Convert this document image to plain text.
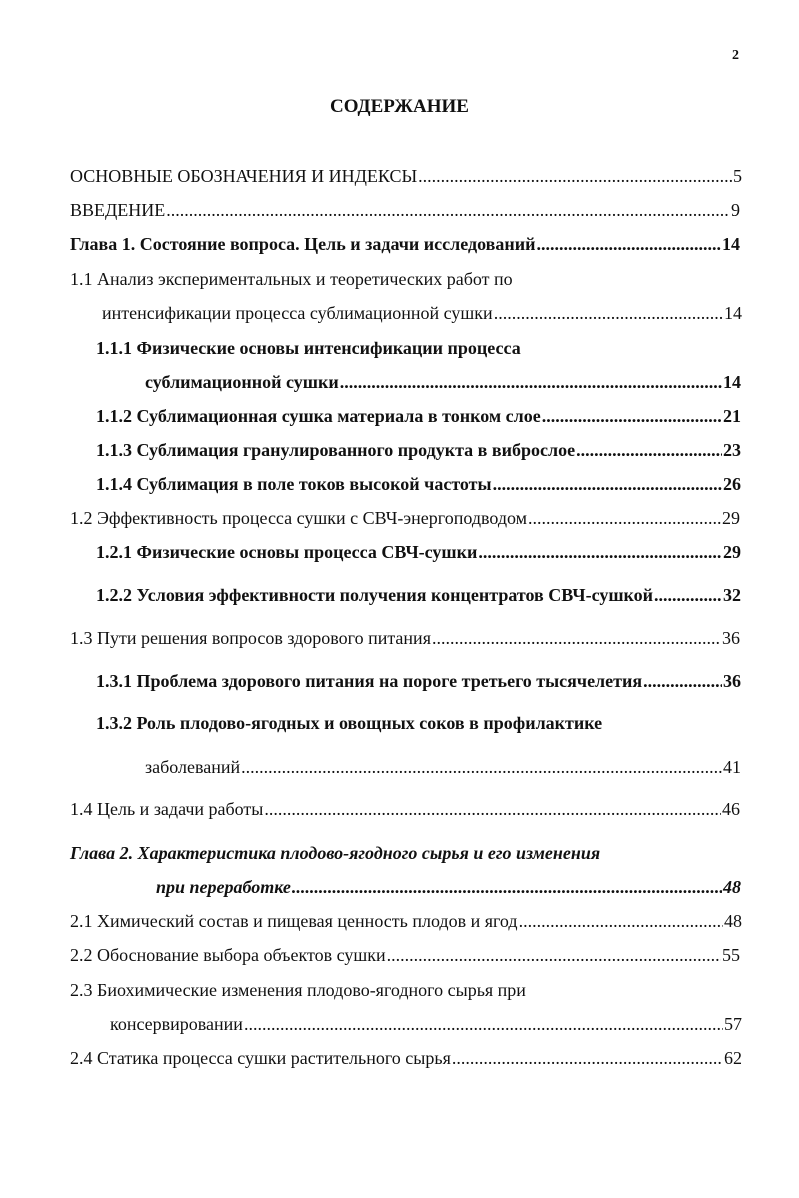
2
СОДЕРЖАНИЕ
ОСНОВНЫЕ ОБОЗНАЧЕНИЯ И ИНДЕКСЫ .....	5
ВВЕДЕНИЕ .....	9
Глава 1. Состояние вопроса. Цель и задачи исследований .....	14
1.1 Анализ экспериментальных и теоретических работ по
интенсификации процесса сублимационной сушки .....	14
1.1.1 Физические основы интенсификации процесса
сублимационной сушки .....	14
1.1.2 Сублимационная сушка материала в тонком слое .....	21
1.1.3 Сублимация гранулированного продукта в виброслое .....	23
1.1.4 Сублимация в поле токов высокой частоты .....	26
1.2 Эффективность процесса сушки с СВЧ-энергоподводом .....	29
1.2.1 Физические основы процесса СВЧ-сушки .....	29
1.2.2 Условия эффективности получения концентратов СВЧ-сушкой .....	32
1.3 Пути решения вопросов здорового питания .....	36
1.3.1 Проблема здорового питания на пороге третьего тысячелетия .....	36
1.3.2 Роль плодово-ягодных и овощных соков в профилактике
заболеваний .....	41
1.4 Цель и задачи работы .....	46
Глава 2. Характеристика плодово-ягодного сырья и его изменения
при переработке .....	48
2.1 Химический состав и пищевая ценность плодов и ягод .....	48
2.2 Обоснование выбора объектов сушки .....	55
2.3 Биохимические изменения плодово-ягодного сырья при
консервировании .....	57
2.4 Статика процесса сушки растительного сырья .....	62
